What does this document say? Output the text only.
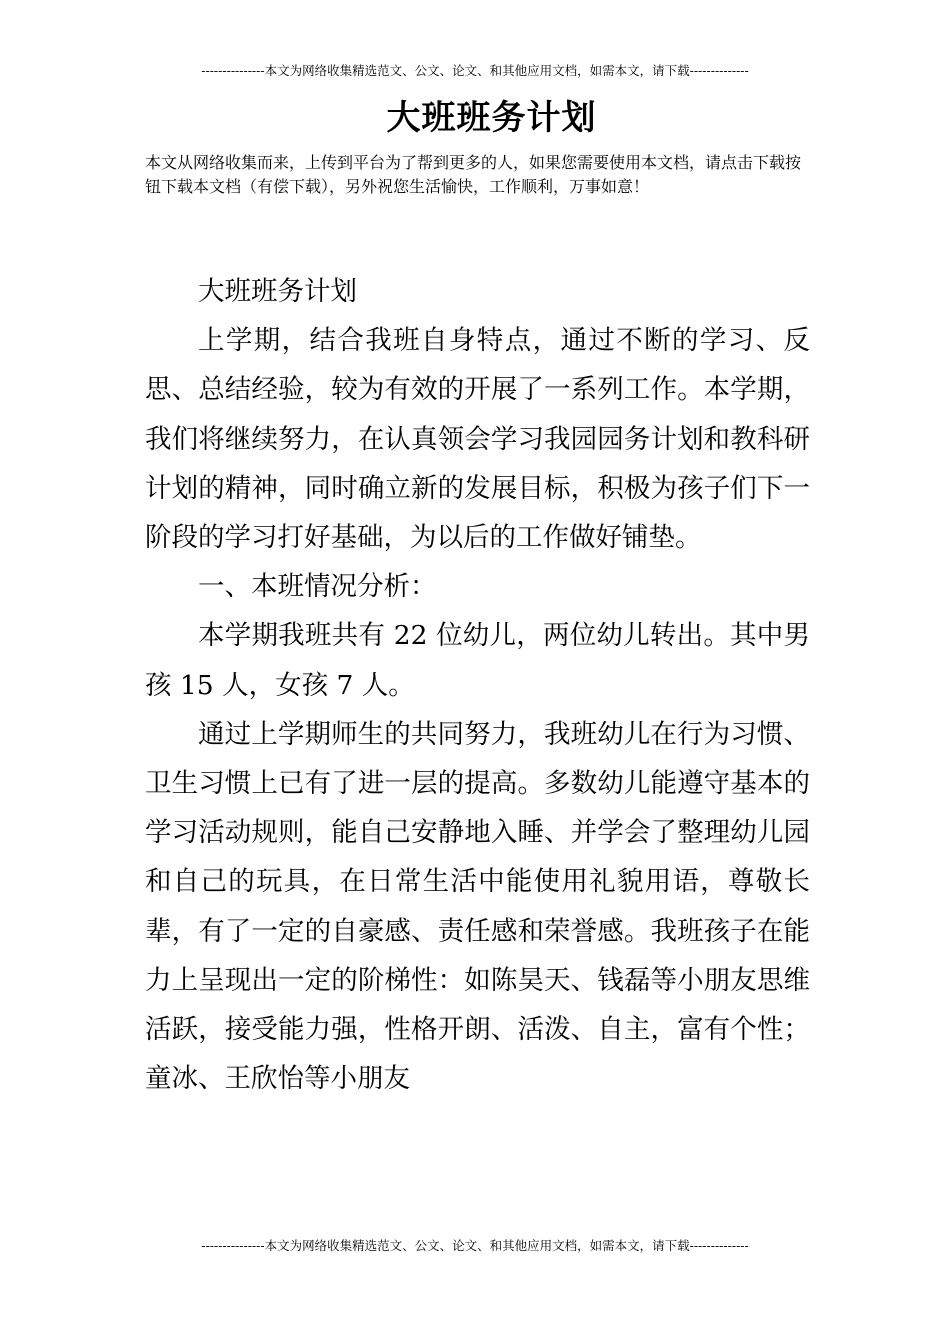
---------------本文为网络收集精选范文、公文、论文、和其他应用文档，如需本文，请下载--------------
大班班务计划
本文从网络收集而来，上传到平台为了帮到更多的人，如果您需要使用本文档，请点击下载按钮下载本文档（有偿下载），另外祝您生活愉快，工作顺利，万事如意！

大班班务计划

上学期，结合我班自身特点，通过不断的学习、反思、总结经验，较为有效的开展了一系列工作。本学期，我们将继续努力，在认真领会学习我园园务计划和教科研计划的精神，同时确立新的发展目标，积极为孩子们下一阶段的学习打好基础，为以后的工作做好铺垫。

一、本班情况分析：

本学期我班共有 22 位幼儿，两位幼儿转出。其中男孩 15 人，女孩 7 人。

通过上学期师生的共同努力，我班幼儿在行为习惯、卫生习惯上已有了进一层的提高。多数幼儿能遵守基本的学习活动规则，能自己安静地入睡、并学会了整理幼儿园和自己的玩具，在日常生活中能使用礼貌用语，尊敬长辈，有了一定的自豪感、责任感和荣誉感。我班孩子在能力上呈现出一定的阶梯性：如陈昊天、钱磊等小朋友思维活跃，接受能力强，性格开朗、活泼、自主，富有个性；童冰、王欣怡等小朋友

---------------本文为网络收集精选范文、公文、论文、和其他应用文档，如需本文，请下载--------------
